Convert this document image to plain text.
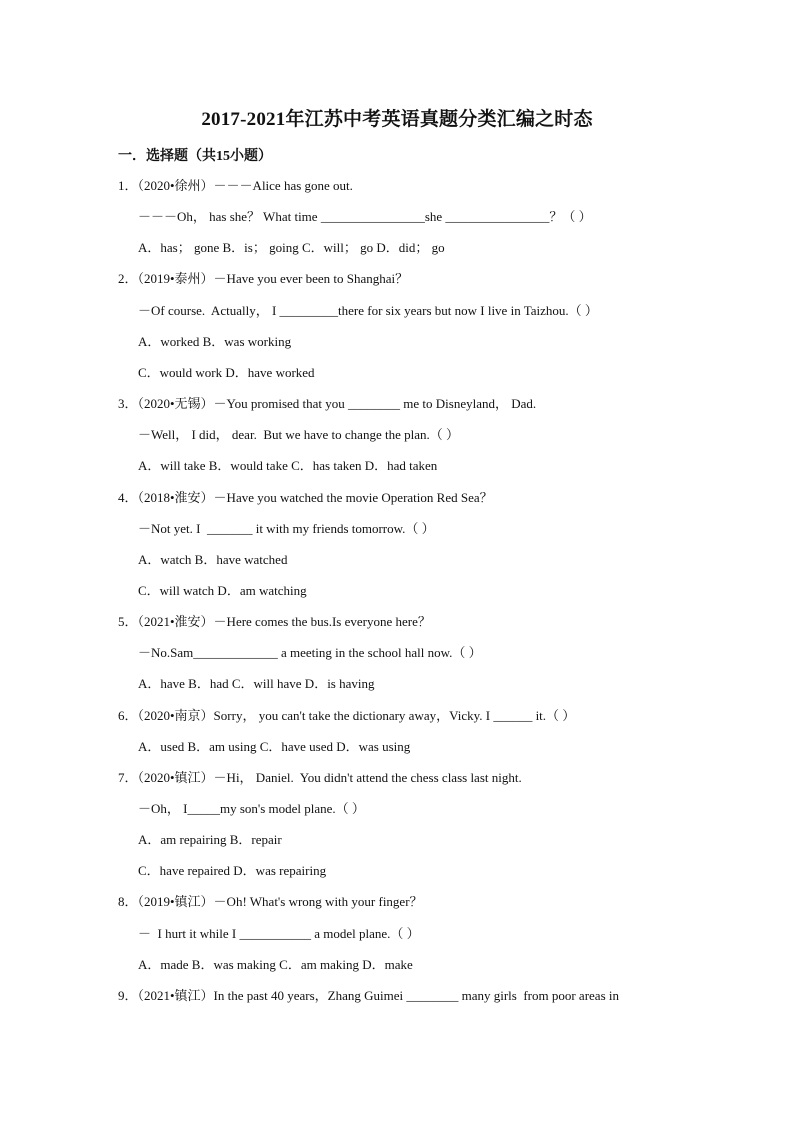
2017-2021年江苏中考英语真题分类汇编之时态
一．选择题（共15小题）
1．（2020•徐州）－－－Alice has gone out.
－－－Oh， has she？ What time ________________she ________________？（ ）
A．has； gone B．is； going C．will； go D．did； go
2．（2019•泰州）－Have you ever been to Shanghai？
－Of course.  Actually， I _________there for six years but now I live in Taizhou.（ ）
A．worked B．was working
C．would work D．have worked
3．（2020•无锡）－You promised that you ________ me to Disneyland， Dad.
－Well， I did， dear.  But we have to change the plan.（ ）
A．will take B．would take C．has taken D．had taken
4．（2018•淮安）－Have you watched the movie Operation Red Sea？
－Not yet. I  _______ it with my friends tomorrow.（ ）
A．watch B．have watched
C．will watch D．am watching
5．（2021•淮安）－Here comes the bus.Is everyone here？
－No.Sam_____________ a meeting in the school hall now.（ ）
A．have B．had C．will have D．is having
6．（2020•南京）Sorry， you can't take the dictionary away，Vicky. I ______ it.（ ）
A．used B．am using C．have used D．was using
7．（2020•镇江）－Hi， Daniel.  You didn't attend the chess class last night.
－Oh， I_____my son's model plane.（ ）
A．am repairing B．repair
C．have repaired D．was repairing
8．（2019•镇江）－Oh! What's wrong with your finger？
－  I hurt it while I ___________ a model plane.（ ）
A．made B．was making C．am making D．make
9．（2021•镇江）In the past 40 years，Zhang Guimei ________ many girls  from poor areas in
